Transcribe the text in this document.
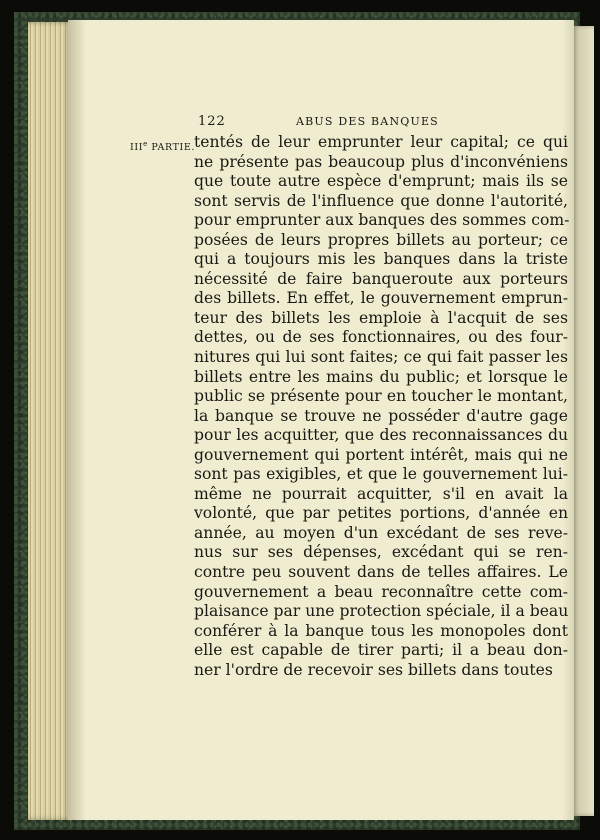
122	ABUS DES BANQUES
IIIe PARTIE.
tentés de leur emprunter leur capital; ce qui
ne présente pas beaucoup plus d'inconvéniens
que toute autre espèce d'emprunt; mais ils se
sont servis de l'influence que donne l'autorité,
pour emprunter aux banques des sommes com-
posées de leurs propres billets au porteur; ce
qui a toujours mis les banques dans la triste
nécessité de faire banqueroute aux porteurs
des billets. En effet, le gouvernement emprun-
teur des billets les emploie à l'acquit de ses
dettes, ou de ses fonctionnaires, ou des four-
nitures qui lui sont faites; ce qui fait passer les
billets entre les mains du public; et lorsque le
public se présente pour en toucher le montant,
la banque se trouve ne posséder d'autre gage
pour les acquitter, que des reconnaissances du
gouvernement qui portent intérêt, mais qui ne
sont pas exigibles, et que le gouvernement lui-
même ne pourrait acquitter, s'il en avait la
volonté, que par petites portions, d'année en
année, au moyen d'un excédant de ses reve-
nus sur ses dépenses, excédant qui se ren-
contre peu souvent dans de telles affaires. Le
gouvernement a beau reconnaître cette com-
plaisance par une protection spéciale, il a beau
conférer à la banque tous les monopoles dont
elle est capable de tirer parti; il a beau don-
ner l'ordre de recevoir ses billets dans toutes
